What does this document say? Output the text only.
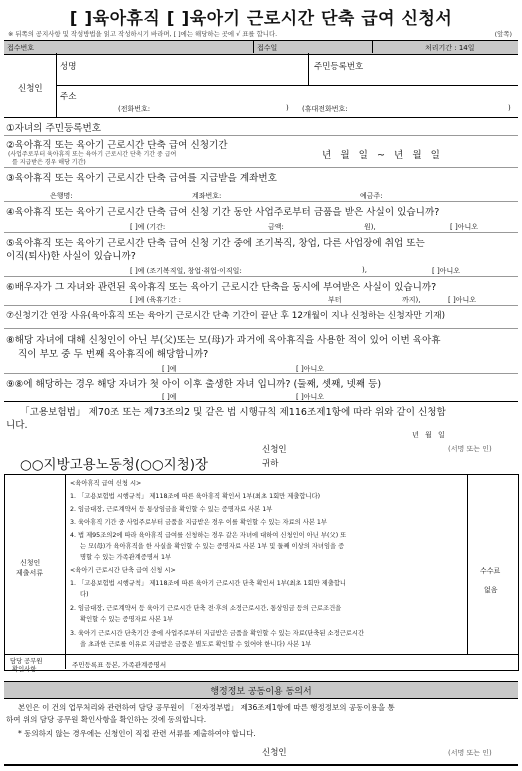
[ ]육아휴직 [ ]육아기 근로시간 단축 급여 신청서
※ 뒤쪽의 공지사항 및 작성방법을 읽고 작성하시기 바라며, [ ]에는 해당하는 곳에 √ 표를 합니다.	(앞쪽)
접수번호	접수일	처리기간 : 14일
신청인
성명	주민등록번호
주소
(전화번호:	) (휴대전화번호:	)
①자녀의 주민등록번호
②육아휴직 또는 육아기 근로시간 단축 급여 신청기간
(사업주로부터 육아휴직 또는 육아기 근로시간 단축 기간 중 급여
를 지급받은 경우 해당 기간)
년 월 일 ~ 년 월 일
③육아휴직 또는 육아기 근로시간 단축 급여를 지급받을 계좌번호
은행명:	계좌번호:	예금주:
④육아휴직 또는 육아기 근로시간 단축 급여 신청 기간 동안 사업주로부터 금품을 받은 사실이 있습니까?
[ ]예 (기간:	금액:	원),	[ ]아니오
⑤육아휴직 또는 육아기 근로시간 단축 급여 신청 기간 중에 조기복직, 창업, 다른 사업장에 취업 또는
이직(퇴사)한 사실이 있습니까?
[ ]예 (조기복직일, 창업·취업·이직일:	),	[ ]아니오
⑥배우자가 그 자녀와 관련된 육아휴직 또는 육아기 근로시간 단축을 동시에 부여받은 사실이 있습니까?
[ ]예 (육휴기간 :	부터	까지),	[ ]아니오
⑦신청기간 연장 사유(육아휴직 또는 육아기 근로시간 단축 기간이 끝난 후 12개월이 지나 신청하는 신청자만 기재)
⑧해당 자녀에 대해 신청인이 아닌 부(父)또는 모(母)가 과거에 육아휴직을 사용한 적이 있어 이번 육아휴
직이 부모 중 두 번째 육아휴직에 해당합니까?
[ ]예	[ ]아니오
⑨⑧에 해당하는 경우 해당 자녀가 첫 아이 이후 출생한 자녀 입니까? (둘째, 셋째, 넷째 등)
[ ]예	[ ]아니오
「고용보험법」 제70조 또는 제73조의2 및 같은 법 시행규칙 제116조제1항에 따라 위와 같이 신청합
니다.
년 월 일
신청인	(서명 또는 인)
○○지방고용노동청(○○지청)장	귀하
신청인
제출서류
<육아휴직 급여 신청 시>
1. 「고용보험법 시행규칙」 제118조에 따른 육아휴직 확인서 1부(최초 1회만 제출합니다)
2. 임금대장, 근로계약서 등 통상임금을 확인할 수 있는 증명자료 사본 1부
3. 육아휴직 기간 중 사업주로부터 금품을 지급받은 경우 이를 확인할 수 있는 자료의 사본 1부
4. 법 제95조의2에 따라 육아휴직 급여를 신청하는 경우 같은 자녀에 대하여 신청인이 아닌 부(父) 또
는 모(母)가 육아휴직을 한 사실을 확인할 수 있는 증명자료 사본 1부 및 둘째 이상의 자녀임을 증
명할 수 있는 가족관계증명서 1부
<육아기 근로시간 단축 급여 신청 시>
1. 「고용보험법 시행규칙」 제118조에 따른 육아기 근로시간 단축 확인서 1부(최초 1회만 제출합니
다)
2. 임금대장, 근로계약서 등 육아기 근로시간 단축 전·후의 소정근로시간, 통상임금 등의 근로조건을
확인할 수 있는 증명자료 사본 1부
3. 육아기 근로시간 단축기간 중에 사업주로부터 지급받은 금품을 확인할 수 있는 자료(단축된 소정근로시간
을 초과한 근로를 이유로 지급받은 금품은 별도로 확인할 수 있어야 한니다) 사본 1부
수수료
없음
담당 공무원
확인사항
주민등록표 등본, 가족관계증명서
행정정보 공동이용 동의서
본인은 이 건의 업무처리와 관련하여 담당 공무원이 「전자정부법」 제36조제1항에 따른 행정정보의 공동이용을 통
하여 위의 담당 공무원 확인사항을 확인하는 것에 동의합니다.
* 동의하지 않는 경우에는 신청인이 직접 관련 서류를 제출하여야 합니다.
신청인	(서명 또는 인)
